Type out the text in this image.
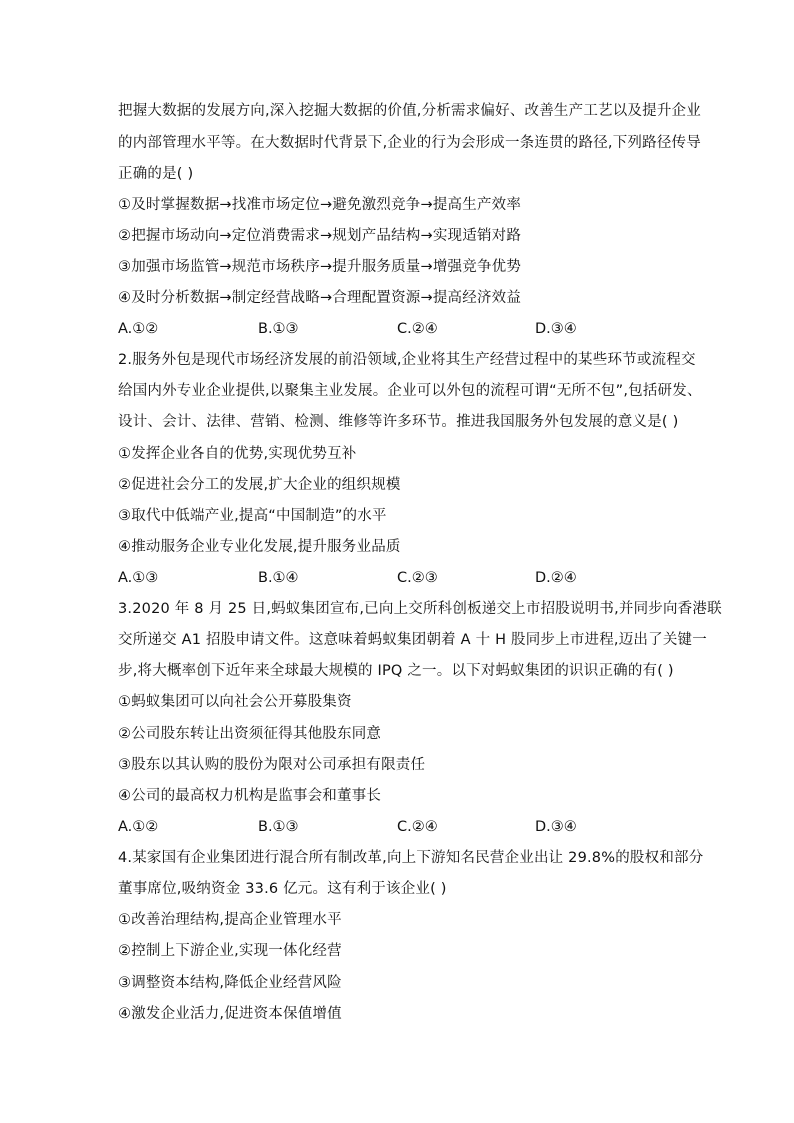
把握大数据的发展方向,深入挖掘大数据的价值,分析需求偏好、改善生产工艺以及提升企业
的内部管理水平等。在大数据时代背景下,企业的行为会形成一条连贯的路径,下列路径传导
正确的是( )
①及时掌握数据→找准市场定位→避免激烈竞争→提高生产效率
②把握市场动向→定位消费需求→规划产品结构→实现适销对路
③加强市场监管→规范市场秩序→提升服务质量→增强竞争优势
④及时分析数据→制定经营战略→合理配置资源→提高经济效益
A.①②	B.①③	C.②④	D.③④
2.服务外包是现代市场经济发展的前沿领域,企业将其生产经营过程中的某些环节或流程交
给国内外专业企业提供,以聚集主业发展。企业可以外包的流程可谓“无所不包”,包括研发、
设计、会计、法律、营销、检测、维修等许多环节。推进我国服务外包发展的意义是( )
①发挥企业各自的优势,实现优势互补
②促进社会分工的发展,扩大企业的组织规模
③取代中低端产业,提高“中国制造”的水平
④推动服务企业专业化发展,提升服务业品质
A.①③	B.①④	C.②③	D.②④
3.2020 年 8 月 25 日,蚂蚁集团宣布,已向上交所科创板递交上市招股说明书,并同步向香港联
交所递交 A1 招股申请文件。这意味着蚂蚁集团朝着 A 十 H 股同步上市进程,迈出了关键一
步,将大概率创下近年来全球最大规模的 IPQ 之一。以下对蚂蚁集团的识识正确的有( )
①蚂蚁集团可以向社会公开募股集资
②公司股东转让出资须征得其他股东同意
③股东以其认购的股份为限对公司承担有限责任
④公司的最高权力机构是监事会和董事长
A.①②	B.①③	C.②④	D.③④
4.某家国有企业集团进行混合所有制改革,向上下游知名民营企业出让 29.8%的股权和部分
董事席位,吸纳资金 33.6 亿元。这有利于该企业( )
①改善治理结构,提高企业管理水平
②控制上下游企业,实现一体化经营
③调整资本结构,降低企业经营风险
④激发企业活力,促进资本保值增值
